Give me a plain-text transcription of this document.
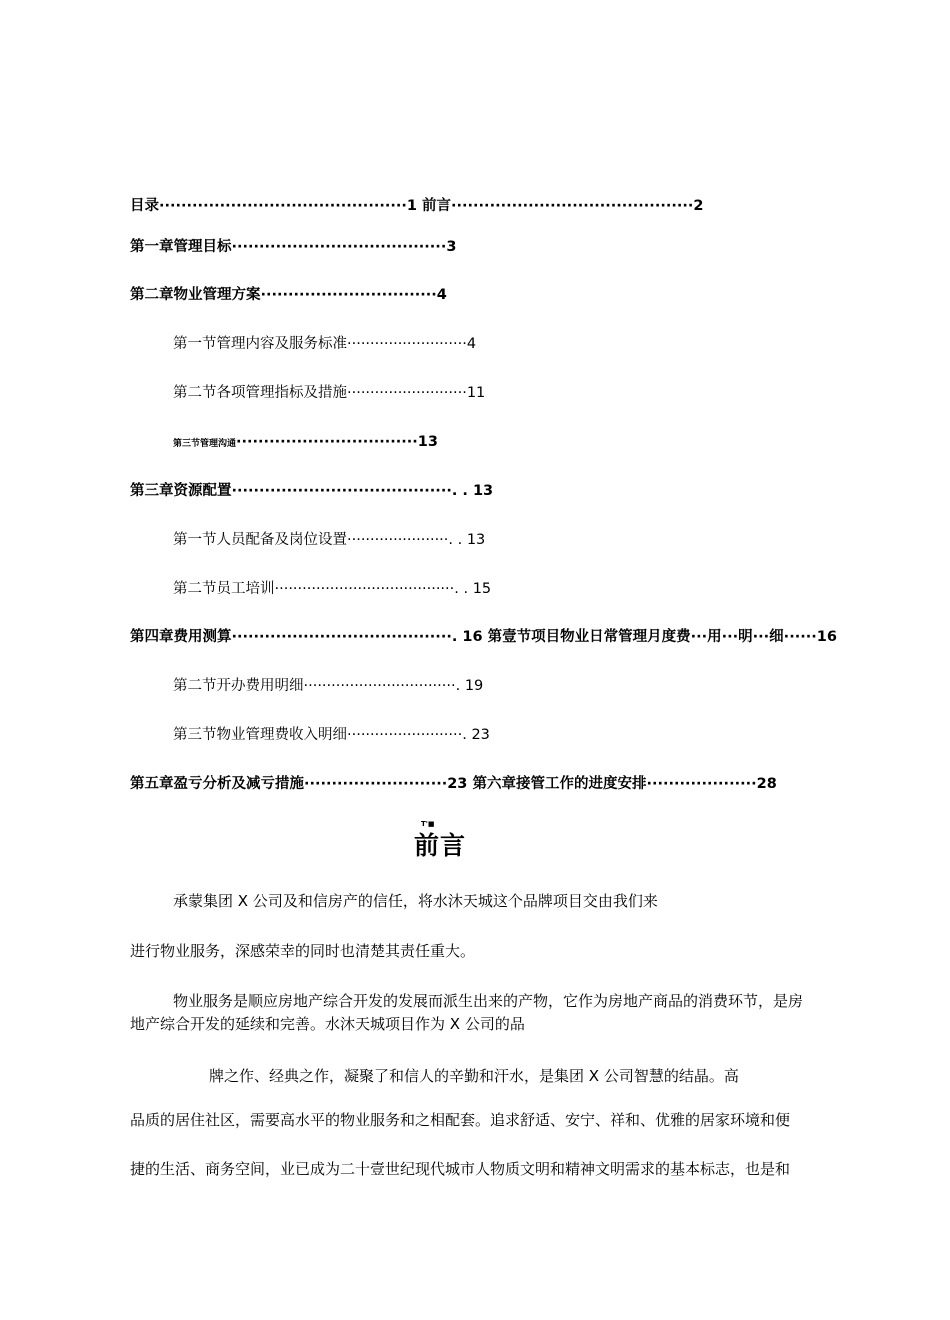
目录·············································1 前言············································2
第一章管理目标·······································3
第二章物业管理方案································4
第一节管理内容及服务标准··························4
第二节各项管理指标及措施··························11
第三节管理沟通·································13
第三章资源配置········································. . 13
第一节人员配备及岗位设置······················. . 13
第二节员工培训·······································. . 15
第四章费用测算········································. 16 第壹节项目物业日常管理月度费···用···明···细······16
第二节开办费用明细·································. 19
第三节物业管理费收入明细·························. 23
第五章盈亏分析及减亏措施··························23 第六章接管工作的进度安排····················28
T'■
前言
承蒙集团 X 公司及和信房产的信任，将水沐天城这个品牌项目交由我们来
进行物业服务，深感荣幸的同时也清楚其责任重大。
物业服务是顺应房地产综合开发的发展而派生出来的产物，它作为房地产商品的消费环节，是房
地产综合开发的延续和完善。水沐天城项目作为 X 公司的品
牌之作、经典之作，凝聚了和信人的辛勤和汗水，是集团 X 公司智慧的结晶。高
品质的居住社区，需要高水平的物业服务和之相配套。追求舒适、安宁、祥和、优雅的居家环境和便
捷的生活、商务空间，业已成为二十壹世纪现代城市人物质文明和精神文明需求的基本标志，也是和
